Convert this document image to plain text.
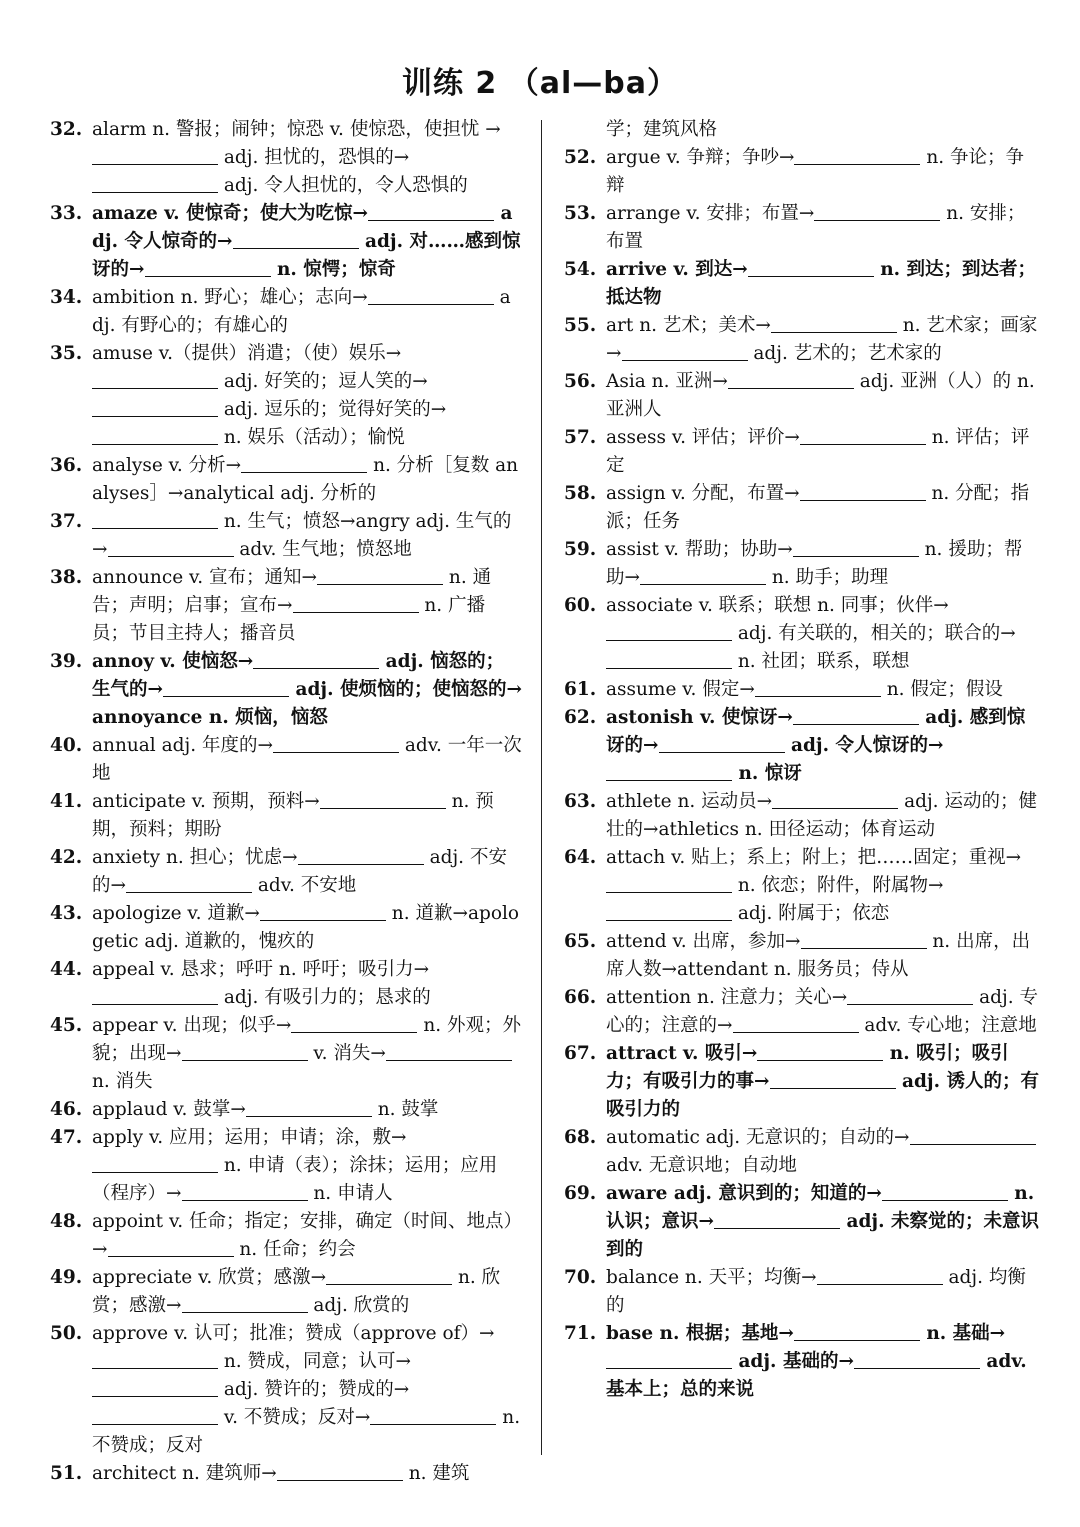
训练 2 （al—ba）
32. alarm n. 警报；闹钟；惊恐 v. 使惊恐，使担忧 → adj. 担忧的，恐惧的→ adj. 令人担忧的，令人恐惧的
33. amaze v. 使惊奇；使大为吃惊→	adj. 令人惊奇的→	adj. 对……感到惊讶的→	n. 惊愕；惊奇
34. ambition n. 野心；雄心；志向→	adj. 有野心的；有雄心的
35. amuse v.（提供）消遣；（使）娱乐→ adj. 好笑的；逗人笑的→ adj. 逗乐的；觉得好笑的→ n. 娱乐（活动）；愉悦
36. analyse v. 分析→	n. 分析［复数 analyses］→analytical adj. 分析的
37.	n. 生气；愤怒→angry adj. 生气的→	adv. 生气地；愤怒地
38. announce v. 宣布；通知→	n. 通告；声明；启事；宣布→	n. 广播员；节目主持人；播音员
39. annoy v. 使恼怒→	adj. 恼怒的；生气的→	adj. 使烦恼的；使恼怒的→annoyance n. 烦恼，恼怒
40. annual adj. 年度的→	adv. 一年一次地
41. anticipate v. 预期，预料→	n. 预期，预料；期盼
42. anxiety n. 担心；忧虑→	adj. 不安的→	adv. 不安地
43. apologize v. 道歉→	n. 道歉→apologetic adj. 道歉的，愧疚的
44. appeal v. 恳求；呼吁 n. 呼吁；吸引力→ adj. 有吸引力的；恳求的
45. appear v. 出现；似乎→	n. 外观；外貌；出现→	v. 消失→ n. 消失
46. applaud v. 鼓掌→	n. 鼓掌
47. apply v. 应用；运用；申请；涂，敷→ n. 申请（表）；涂抹；运用；应用（程序）→	n. 申请人
48. appoint v. 任命；指定；安排，确定（时间、地点）→	n. 任命；约会
49. appreciate v. 欣赏；感激→	n. 欣赏；感激→	adj. 欣赏的
50. approve v. 认可；批准；赞成（approve of）→ n. 赞成，同意；认可→ adj. 赞许的；赞成的→ v. 不赞成；反对→	n. 不赞成；反对
51. architect n. 建筑师→	n. 建筑
学；建筑风格
52. argue v. 争辩；争吵→	n. 争论；争辩
53. arrange v. 安排；布置→	n. 安排；布置
54. arrive v. 到达→	n. 到达；到达者；抵达物
55. art n. 艺术；美术→	n. 艺术家；画家→	adj. 艺术的；艺术家的
56. Asia n. 亚洲→	adj. 亚洲（人）的 n. 亚洲人
57. assess v. 评估；评价→	n. 评估；评定
58. assign v. 分配，布置→	n. 分配；指派；任务
59. assist v. 帮助；协助→	n. 援助；帮助→	n. 助手；助理
60. associate v. 联系；联想 n. 同事；伙伴→ adj. 有关联的，相关的；联合的→ n. 社团；联系，联想
61. assume v. 假定→	n. 假定；假设
62. astonish v. 使惊讶→	adj. 感到惊讶的→	adj. 令人惊讶的→ n. 惊讶
63. athlete n. 运动员→	adj. 运动的；健壮的→athletics n. 田径运动；体育运动
64. attach v. 贴上；系上；附上；把……固定；重视→ n. 依恋；附件，附属物→ adj. 附属于；依恋
65. attend v. 出席，参加→	n. 出席，出席人数→attendant n. 服务员；侍从
66. attention n. 注意力；关心→	adj. 专心的；注意的→	adv. 专心地；注意地
67. attract v. 吸引→	n. 吸引；吸引力；有吸引力的事→	adj. 诱人的；有吸引力的
68. automatic adj. 无意识的；自动的→ adv. 无意识地；自动地
69. aware adj. 意识到的；知道的→	n. 认识；意识→	adj. 未察觉的；未意识到的
70. balance n. 天平；均衡→	adj. 均衡的
71. base n. 根据；基地→	n. 基础→ adj. 基础的→	adv. 基本上；总的来说
